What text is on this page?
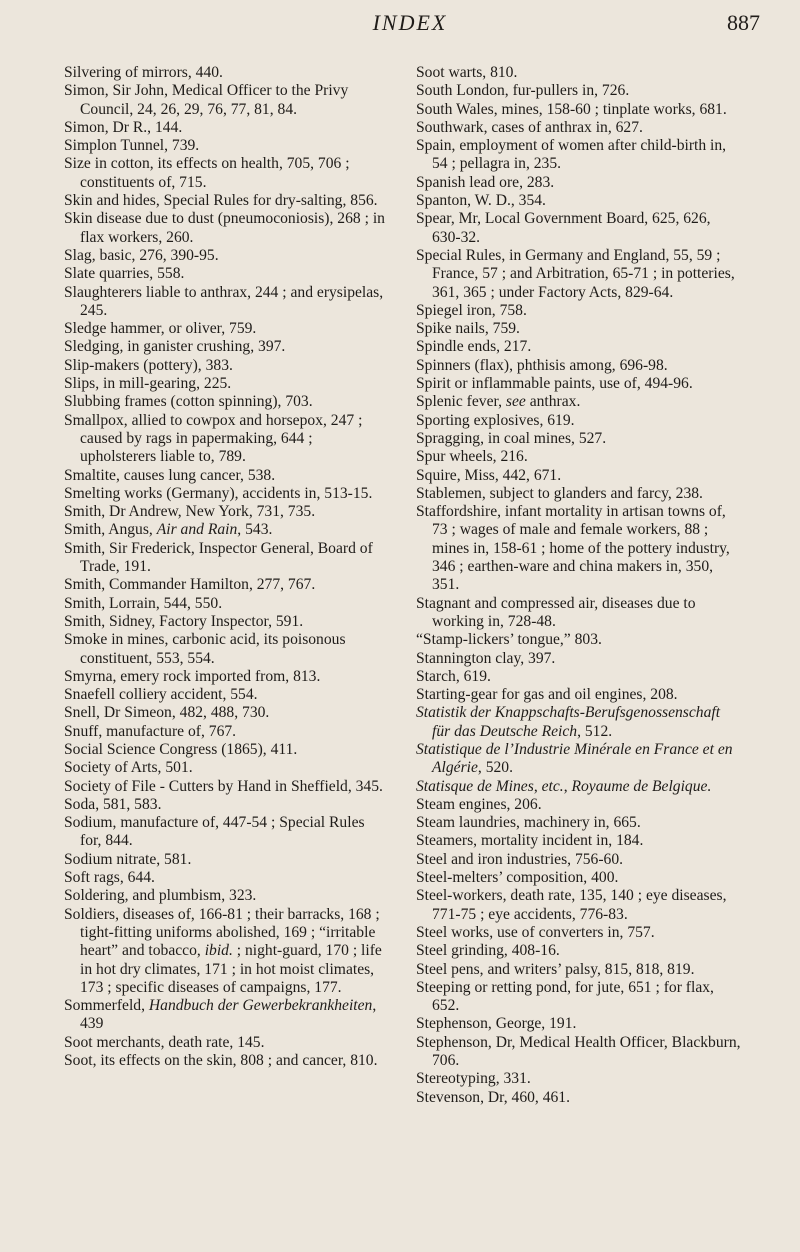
INDEX	887

Silvering of mirrors, 440.

Simon, Sir John, Medical Officer to the Privy Council, 24, 26, 29, 76, 77, 81, 84.

Simon, Dr R., 144.

Simplon Tunnel, 739.

Size in cotton, its effects on health, 705, 706 ; constituents of, 715.

Skin and hides, Special Rules for dry-salting, 856.

Skin disease due to dust (pneumoconiosis), 268 ; in flax workers, 260.

Slag, basic, 276, 390-95.

Slate quarries, 558.

Slaughterers liable to anthrax, 244 ; and erysipelas, 245.

Sledge hammer, or oliver, 759.

Sledging, in ganister crushing, 397.

Slip-makers (pottery), 383.

Slips, in mill-gearing, 225.

Slubbing frames (cotton spinning), 703.

Smallpox, allied to cowpox and horsepox, 247 ; caused by rags in papermaking, 644 ; upholsterers liable to, 789.

Smaltite, causes lung cancer, 538.

Smelting works (Germany), accidents in, 513-15.

Smith, Dr Andrew, New York, 731, 735.

Smith, Angus, Air and Rain, 543.

Smith, Sir Frederick, Inspector General, Board of Trade, 191.

Smith, Commander Hamilton, 277, 767.

Smith, Lorrain, 544, 550.

Smith, Sidney, Factory Inspector, 591.

Smoke in mines, carbonic acid, its poisonous constituent, 553, 554.

Smyrna, emery rock imported from, 813.

Snaefell colliery accident, 554.

Snell, Dr Simeon, 482, 488, 730.

Snuff, manufacture of, 767.

Social Science Congress (1865), 411.

Society of Arts, 501.

Society of File - Cutters by Hand in Sheffield, 345.

Soda, 581, 583.

Sodium, manufacture of, 447-54 ; Special Rules for, 844.

Sodium nitrate, 581.

Soft rags, 644.

Soldering, and plumbism, 323.

Soldiers, diseases of, 166-81 ; their barracks, 168 ; tight-fitting uniforms abolished, 169 ; “irritable heart” and tobacco, ibid. ; night-guard, 170 ; life in hot dry climates, 171 ; in hot moist climates, 173 ; specific diseases of campaigns, 177.

Sommerfeld, Handbuch der Gewerbekrankheiten, 439

Soot merchants, death rate, 145.

Soot, its effects on the skin, 808 ; and cancer, 810.

Soot warts, 810.

South London, fur-pullers in, 726.

South Wales, mines, 158-60 ; tinplate works, 681.

Southwark, cases of anthrax in, 627.

Spain, employment of women after child-birth in, 54 ; pellagra in, 235.

Spanish lead ore, 283.

Spanton, W. D., 354.

Spear, Mr, Local Government Board, 625, 626, 630-32.

Special Rules, in Germany and England, 55, 59 ; France, 57 ; and Arbitration, 65-71 ; in potteries, 361, 365 ; under Factory Acts, 829-64.

Spiegel iron, 758.

Spike nails, 759.

Spindle ends, 217.

Spinners (flax), phthisis among, 696-98.

Spirit or inflammable paints, use of, 494-96.

Splenic fever, see anthrax.

Sporting explosives, 619.

Spragging, in coal mines, 527.

Spur wheels, 216.

Squire, Miss, 442, 671.

Stablemen, subject to glanders and farcy, 238.

Staffordshire, infant mortality in artisan towns of, 73 ; wages of male and female workers, 88 ; mines in, 158-61 ; home of the pottery industry, 346 ; earthen-ware and china makers in, 350, 351.

Stagnant and compressed air, diseases due to working in, 728-48.

“Stamp-lickers’ tongue,” 803.

Stannington clay, 397.

Starch, 619.

Starting-gear for gas and oil engines, 208.

Statistik der Knappschafts-Berufsgenossenschaft für das Deutsche Reich, 512.

Statistique de l’Industrie Minérale en France et en Algérie, 520.

Statisque de Mines, etc., Royaume de Belgique.

Steam engines, 206.

Steam laundries, machinery in, 665.

Steamers, mortality incident in, 184.

Steel and iron industries, 756-60.

Steel-melters’ composition, 400.

Steel-workers, death rate, 135, 140 ; eye diseases, 771-75 ; eye accidents, 776-83.

Steel works, use of converters in, 757.

Steel grinding, 408-16.

Steel pens, and writers’ palsy, 815, 818, 819.

Steeping or retting pond, for jute, 651 ; for flax, 652.

Stephenson, George, 191.

Stephenson, Dr, Medical Health Officer, Blackburn, 706.

Stereotyping, 331.

Stevenson, Dr, 460, 461.
